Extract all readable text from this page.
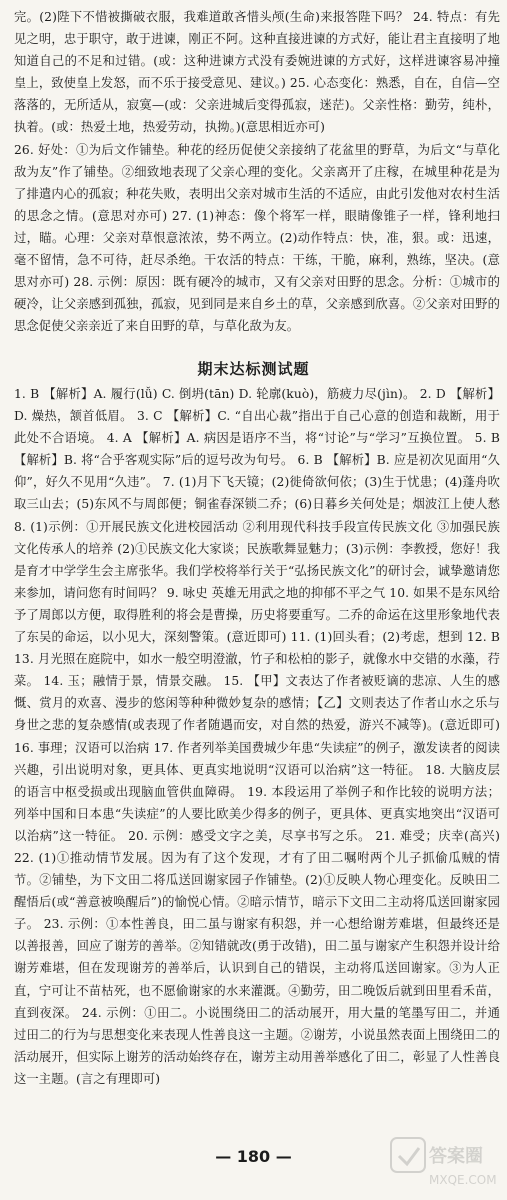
完。(2)陛下不惜被撕破衣服，我难道敢吝惜头颅(生命)来报答陛下吗？ 24. 特点：有先见之明，忠于职守，敢于进谏，刚正不阿。这种直接进谏的方式好，能让君主直接明了地知道自己的不足和过错。(或：这种进谏方式没有委婉进谏的方式好，这样进谏容易冲撞皇上，致使皇上发怒，而不乐于接受意见、建议。) 25. 心态变化：熟悉，自在，自信—空落落的，无所适从，寂寞—(或：父亲进城后变得孤寂，迷茫)。父亲性格：勤劳，纯朴，执着。(或：热爱土地，热爱劳动，执拗。)(意思相近亦可)

26. 好处：①为后文作铺垫。种花的经历促使父亲接纳了花盆里的野草，为后文“与草化敌为友”作了铺垫。②细致地表现了父亲心理的变化。父亲离开了庄稼，在城里种花是为了排遣内心的孤寂；种花失败，表明出父亲对城市生活的不适应，由此引发他对农村生活的思念之情。(意思对亦可) 27. (1)神态：像个将军一样，眼睛像锥子一样，锋利地扫过，瞄。心理：父亲对草恨意浓浓，势不两立。(2)动作特点：快，准，狠。或：迅速，毫不留情，急不可待，赶尽杀绝。干农活的特点：干练，干脆，麻利，熟练，坚决。(意思对亦可) 28. 示例：原因：既有硬冷的城市，又有父亲对田野的思念。分析：①城市的硬冷，让父亲感到孤独，孤寂，见到同是来自乡土的草，父亲感到欣喜。②父亲对田野的思念促使父亲亲近了来自田野的草，与草化敌为友。

期末达标测试题

1. B 【解析】A. 履行(lǚ) C. 倒坍(tān) D. 轮廓(kuò)，筋疲力尽(jìn)。 2. D 【解析】D. 燥热，颔首低眉。 3. C 【解析】C. “自出心裁”指出于自己心意的创造和裁断，用于此处不合语境。 4. A 【解析】A. 病因是语序不当，将“讨论”与“学习”互换位置。 5. B 【解析】B. 将“合乎客观实际”后的逗号改为句号。 6. B 【解析】B. 应是初次见面用“久仰”，好久不见用“久违”。 7. (1)月下飞天镜；(2)徙倚欲何依；(3)生于忧患；(4)蓬舟吹取三山去；(5)东风不与周郎便；铜雀春深锁二乔；(6)日暮乡关何处是；烟波江上使人愁 8. (1)示例：①开展民族文化进校园活动 ②利用现代科技手段宣传民族文化 ③加强民族文化传承人的培养 (2)①民族文化大家谈；民族歌舞显魅力；(3)示例：李教授，您好！我是育才中学学生会主席张华。我们学校将举行关于“弘扬民族文化”的研讨会，诚挚邀请您来参加，请问您有时间吗？ 9. 咏史 英雄无用武之地的抑郁不平之气 10. 如果不是东风给予了周郎以方便，取得胜利的将会是曹操，历史将要重写。二乔的命运在这里形象地代表了东吴的命运，以小见大，深刻警策。(意近即可) 11. (1)回头看；(2)考虑，想到 12. B 13. 月光照在庭院中，如水一般空明澄澈，竹子和松柏的影子，就像水中交错的水藻，荇菜。 14. 玉；融情于景，情景交融。 15. 【甲】文表达了作者被贬谪的悲凉、人生的感慨、赏月的欢喜、漫步的悠闲等种种微妙复杂的感情；【乙】文则表达了作者山水之乐与身世之悲的复杂感情(或表现了作者随遇而安，对自然的热爱，游兴不减等)。(意近即可) 16. 事理；汉语可以治病 17. 作者列举美国费城少年患“失读症”的例子，激发读者的阅读兴趣，引出说明对象，更具体、更真实地说明“汉语可以治病”这一特征。 18. 大脑皮层的语言中枢受损或出现脑血管供血障碍。 19. 本段运用了举例子和作比较的说明方法；列举中国和日本患“失读症”的人要比欧美少得多的例子，更具体、更真实地突出“汉语可以治病”这一特征。 20. 示例：感受文字之美，尽享书写之乐。 21. 难受；庆幸(高兴) 22. (1)①推动情节发展。因为有了这个发现，才有了田二嘱咐两个儿子抓偷瓜贼的情节。②铺垫，为下文田二将瓜送回谢家园子作铺垫。(2)①反映人物心理变化。反映田二醒悟后(或“善意被唤醒后”)的愉悦心情。②暗示情节，暗示下文田二主动将瓜送回谢家园子。 23. 示例：①本性善良，田二虽与谢家有积怨，并一心想给谢芳难堪，但最终还是以善报善，回应了谢芳的善举。②知错就改(勇于改错)，田二虽与谢家产生积怨并设计给谢芳难堪，但在发现谢芳的善举后，认识到自己的错误，主动将瓜送回谢家。③为人正直，宁可让不苗枯死，也不愿偷谢家的水来灌溉。④勤劳，田二晚饭后就到田里看禾苗，直到夜深。 24. 示例：①田二。小说围绕田二的活动展开，用大量的笔墨写田二，并通过田二的行为与思想变化来表现人性善良这一主题。②谢芳，小说虽然表面上围绕田二的活动展开，但实际上谢芳的活动始终存在，谢芳主动用善举感化了田二，彰显了人性善良这一主题。(言之有理即可)

— 180 —	答案圈
MXQE.COM
